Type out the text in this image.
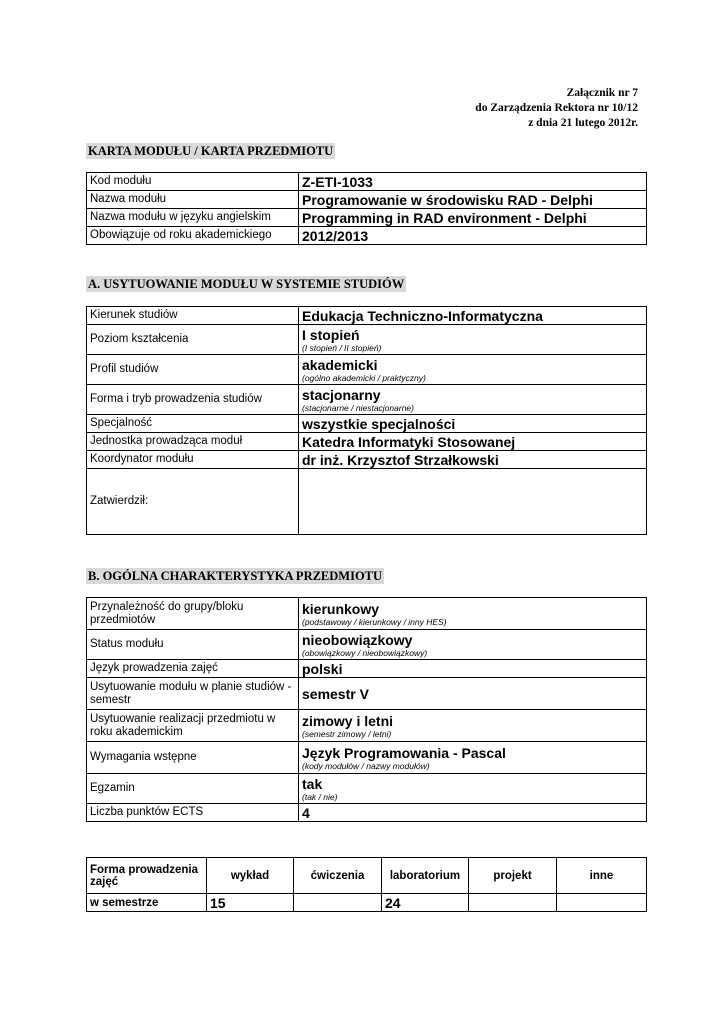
Załącznik nr 7
do Zarządzenia Rektora nr 10/12
z dnia 21 lutego 2012r.
KARTA MODUŁU / KARTA PRZEDMIOTU
Kod modułu	Z-ETI-1033
Nazwa modułu	Programowanie w środowisku RAD - Delphi
Nazwa modułu w języku angielskim	Programming in RAD environment - Delphi
Obowiązuje od roku akademickiego	2012/2013
A. USYTUOWANIE MODUŁU W SYSTEMIE STUDIÓW
Kierunek studiów	Edukacja Techniczno-Informatyczna
Poziom kształcenia	I stopień
(I stopień / II stopień)

Profil studiów	akademicki
(ogólno akademicki / praktyczny)

Forma i tryb prowadzenia studiów	stacjonarny
(stacjonarne / niestacjonarne)

Specjalność	wszystkie specjalności
Jednostka prowadząca moduł	Katedra Informatyki Stosowanej
Koordynator modułu	dr inż. Krzysztof Strzałkowski
Zatwierdził:	
B. OGÓLNA CHARAKTERYSTYKA PRZEDMIOTU
Przynależność do grupy/bloku przedmiotów	kierunkowy
(podstawowy / kierunkowy / inny HES)

Status modułu	nieobowiązkowy
(obowiązkowy / nieobowiązkowy)

Język prowadzenia zajęć	polski
Usytuowanie modułu w planie studiów - semestr	semestr V
Usytuowanie realizacji przedmiotu w roku akademickim	zimowy i letni
(semestr zimowy / letni)

Wymagania wstępne	Język Programowania - Pascal
(kody modułów / nazwy modułów)

Egzamin	tak
(tak / nie)

Liczba punktów ECTS	4
Forma prowadzenia zajęć	wykład	ćwiczenia	laboratorium	projekt	inne
w semestrze	15		24		
